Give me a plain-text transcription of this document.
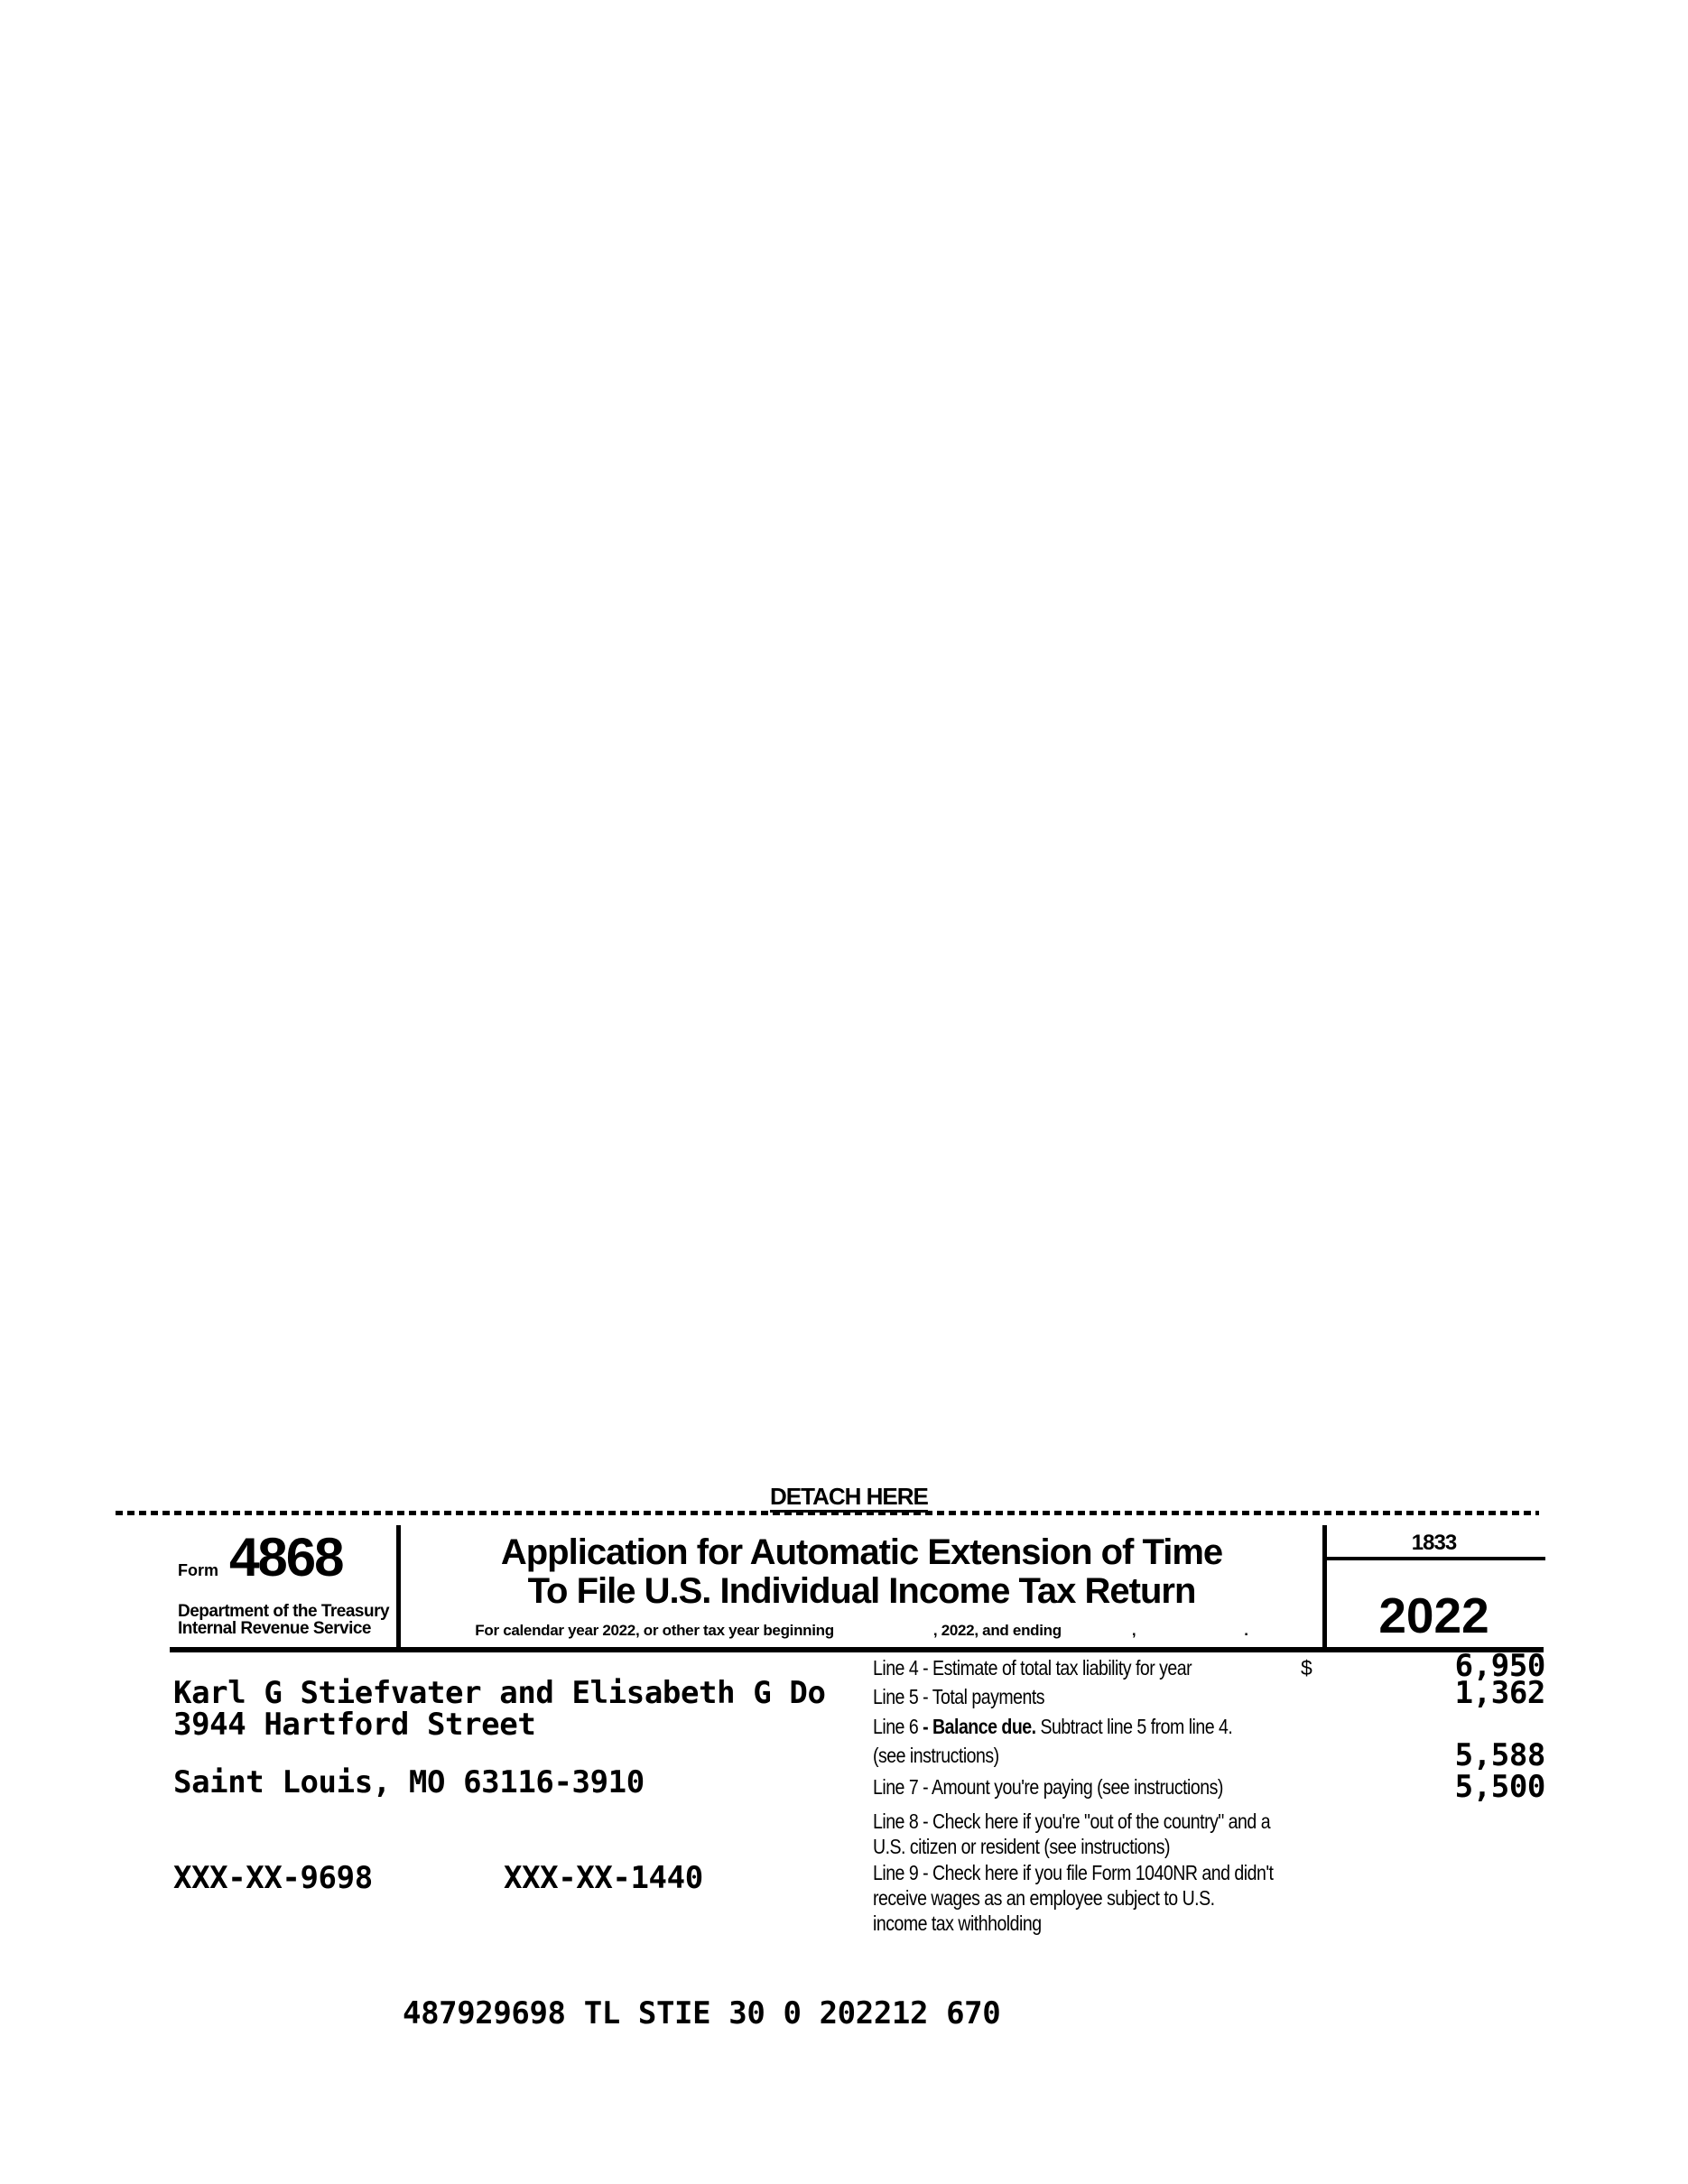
DETACH HERE
Form 4868
Department of the Treasury
Internal Revenue Service
Application for Automatic Extension of Time
To File U.S. Individual Income Tax Return
For calendar year 2022, or other tax year beginning	, 2022, and ending	,	.
1833
2022
Karl G Stiefvater and Elisabeth G Do
3944 Hartford Street
Saint Louis, MO 63116-3910
XXX-XX-9698	XXX-XX-1440
Line 4 - Estimate of total tax liability for year	$	6,950
Line 5 - Total payments	1,362
Line 6 - Balance due. Subtract line 5 from line 4.
(see instructions)	5,588
Line 7 - Amount you're paying (see instructions)	5,500
Line 8 - Check here if you're "out of the country" and a
U.S. citizen or resident (see instructions)
Line 9 - Check here if you file Form 1040NR and didn't
receive wages as an employee subject to U.S.
income tax withholding
487929698 TL STIE 30 0 202212 670
